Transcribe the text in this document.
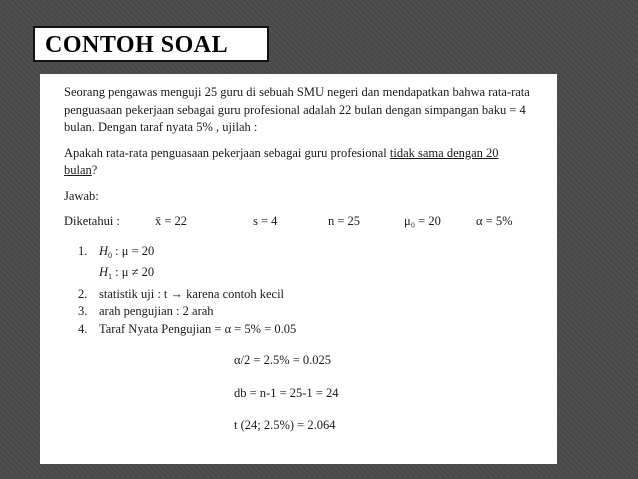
CONTOH SOAL
Seorang pengawas menguji 25 guru di sebuah SMU negeri dan mendapatkan bahwa rata-rata
penguasaan pekerjaan sebagai guru profesional adalah 22 bulan dengan simpangan baku = 4
bulan. Dengan taraf nyata 5% , ujilah :
Apakah rata-rata penguasaan pekerjaan sebagai guru profesional tidak sama dengan 20
bulan?
Jawab:
Diketahui :	x̄ = 22	s = 4	n = 25	μ₀ = 20	α = 5%
1. $H_0$ : μ = 20
$H_1$ : μ ≠ 20
2. statistik uji : t → karena contoh kecil
3. arah pengujian : 2 arah
4. Taraf Nyata Pengujian = α = 5% = 0.05
α/2 = 2.5% = 0.025
db = n-1 = 25-1 = 24
t (24; 2.5%) = 2.064
